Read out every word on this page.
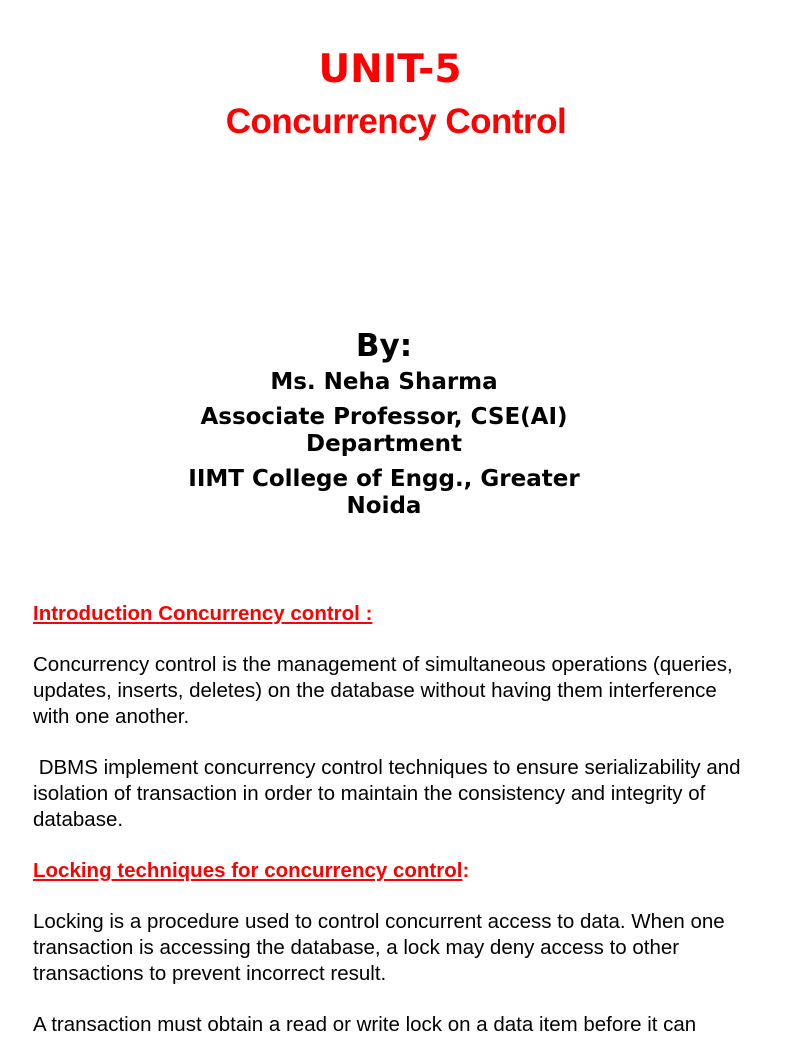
UNIT-5
Concurrency Control
By:
Ms. Neha Sharma
Associate Professor, CSE(AI)
Department
IIMT College of Engg., Greater
Noida

Introduction Concurrency control :

Concurrency control is the management of simultaneous operations (queries, updates, inserts, deletes) on the database without having them interference with one another.

DBMS implement concurrency control techniques to ensure serializability and isolation of transaction in order to maintain the consistency and integrity of database.

Locking techniques for concurrency control:

Locking is a procedure used to control concurrent access to data. When one transaction is accessing the database, a lock may deny access to other transactions to prevent incorrect result.

A transaction must obtain a read or write lock on a data item before it can
